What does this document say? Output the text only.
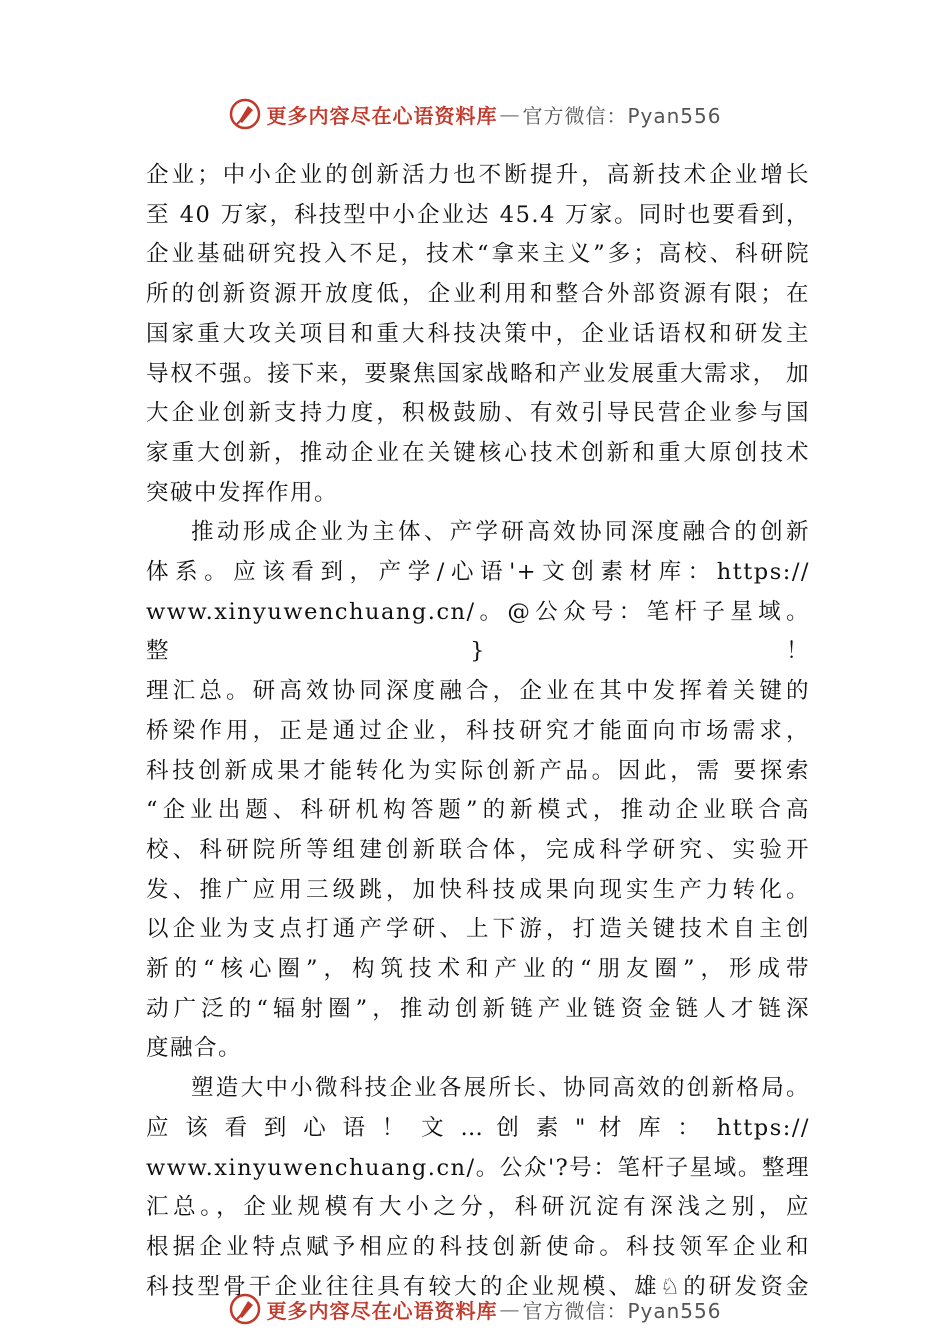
更多内容尽在心语资料库 — 官方微信：Pyan556

企业；中小企业的创新活力也不断提升，高新技术企业增长
至 40 万家，科技型中小企业达 45.4 万家。同时也要看到，
企业基础研究投入不足，技术“拿来主义”多；高校、科研院
所的创新资源开放度低，企业利用和整合外部资源有限；在
国家重大攻关项目和重大科技决策中，企业话语权和研发主
导权不强。接下来，要聚焦国家战略和产业发展重大需求， 加
大企业创新支持力度，积极鼓励、有效引导民营企业参与国
家重大创新，推动企业在关键核心技术创新和重大原创技术
突破中发挥作用。

推动形成企业为主体、产学研高效协同深度融合的创新
体系。应该看到，产学/心语'+文创素材库：https://
www.xinyuwenchuang.cn/。@公众号：笔杆子星域。整}！
理汇总。研高效协同深度融合，企业在其中发挥着关键的
桥梁作用，正是通过企业，科技研究才能面向市场需求，
科技创新成果才能转化为实际创新产品。因此，需 要探索
“企业出题、科研机构答题”的新模式，推动企业联合高
校、科研院所等组建创新联合体，完成科学研究、实验开
发、推广应用三级跳，加快科技成果向现实生产力转化。
以企业为支点打通产学研、上下游，打造关键技术自主创
新的“核心圈”，构筑技术和产业的“朋友圈”，形成带
动广泛的“辐射圈”，推动创新链产业链资金链人才链深
度融合。

塑造大中小微科技企业各展所长、协同高效的创新格局。
应 该 看 到 心 语 ！ 文 … 创 素 " 材 库 ： https://
www.xinyuwenchuang.cn/。公众'?号：笔杆子星域。整理
汇总。，企业规模有大小之分，科研沉淀有深浅之别，应
根据企业特点赋予相应的科技创新使命。科技领军企业和
科技型骨干企业往往具有较大的企业规模、雄♘的研发资金

更多内容尽在心语资料库 — 官方微信：Pyan556
